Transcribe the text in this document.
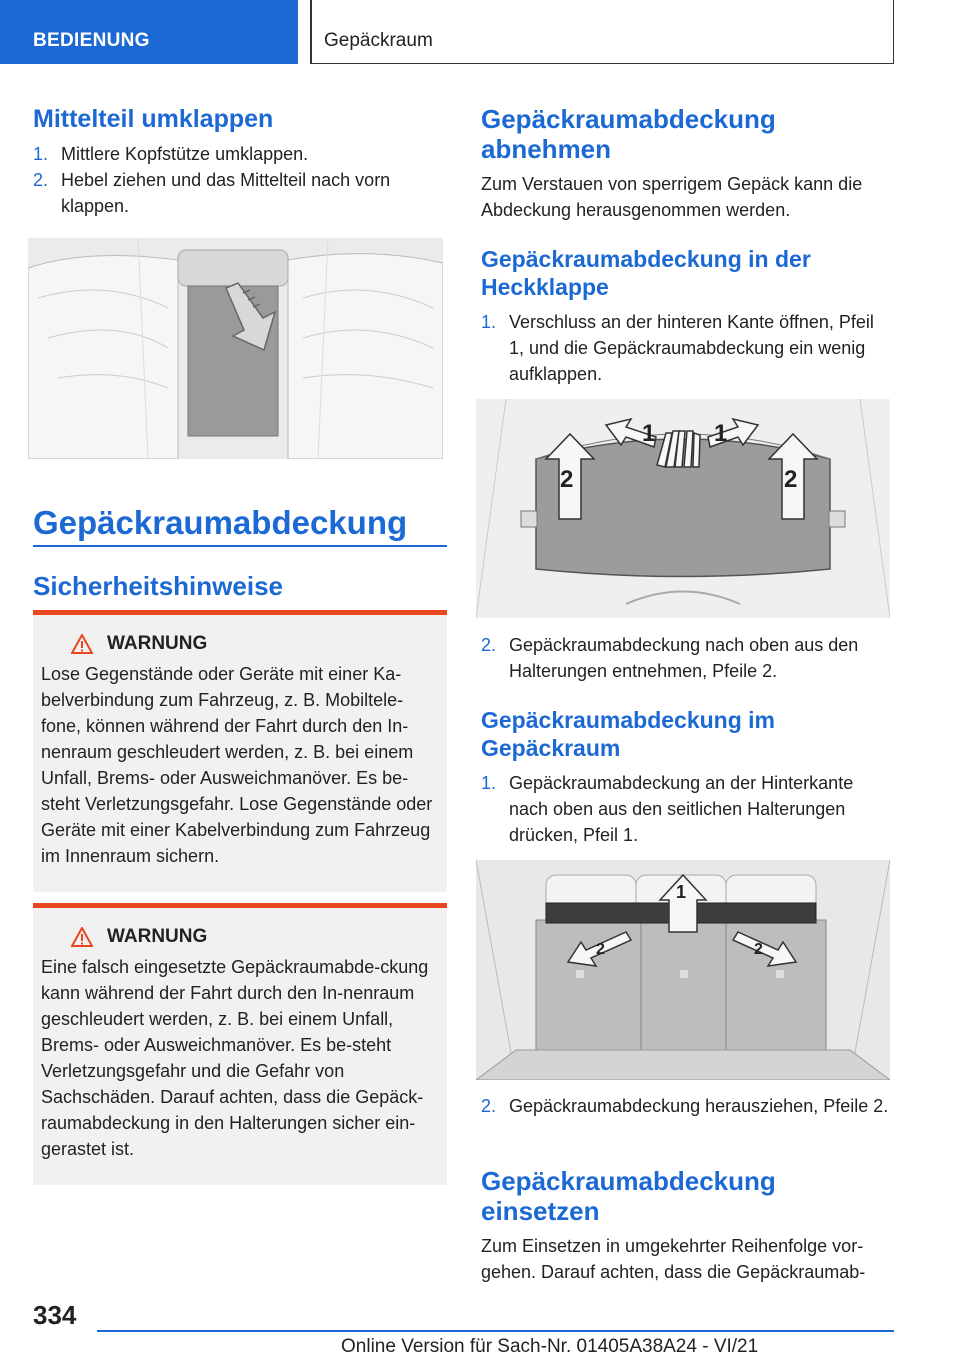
BEDIENUNG	Gepäckraum
Mittelteil umklappen
1. Mittlere Kopfstütze umklappen.
2. Hebel ziehen und das Mittelteil nach vorn klappen.
Gepäckraumabdeckung
Sicherheitshinweise
WARNUNG
Lose Gegenstände oder Geräte mit einer Ka-belverbindung zum Fahrzeug, z. B. Mobiltele-fone, können während der Fahrt durch den In-nenraum geschleudert werden, z. B. bei einem Unfall, Brems- oder Ausweichmanöver. Es be-steht Verletzungsgefahr. Lose Gegenstände oder Geräte mit einer Kabelverbindung zum Fahrzeug im Innenraum sichern.
WARNUNG
Eine falsch eingesetzte Gepäckraumabde-ckung kann während der Fahrt durch den In-nenraum geschleudert werden, z. B. bei einem Unfall, Brems- oder Ausweichmanöver. Es be-steht Verletzungsgefahr und die Gefahr von Sachschäden. Darauf achten, dass die Gepäck-raumabdeckung in den Halterungen sicher ein-gerastet ist.
Gepäckraumabdeckung abnehmen

Zum Verstauen von sperrigem Gepäck kann die Abdeckung herausgenommen werden.

Gepäckraumabdeckung in der Heckklappe
1. Verschluss an der hinteren Kante öffnen, Pfeil 1, und die Gepäckraumabdeckung ein wenig aufklappen.
1 1
2	2
2. Gepäckraumabdeckung nach oben aus den Halterungen entnehmen, Pfeile 2.
Gepäckraumabdeckung im Gepäckraum
1. Gepäckraumabdeckung an der Hinterkante nach oben aus den seitlichen Halterungen drücken, Pfeil 1.
1
2	2
2. Gepäckraumabdeckung herausziehen, Pfeile 2.
Gepäckraumabdeckung einsetzen

Zum Einsetzen in umgekehrter Reihenfolge vor-gehen. Darauf achten, dass die Gepäckraumab-

334
Online Version für Sach-Nr. 01405A38A24 - VI/21
